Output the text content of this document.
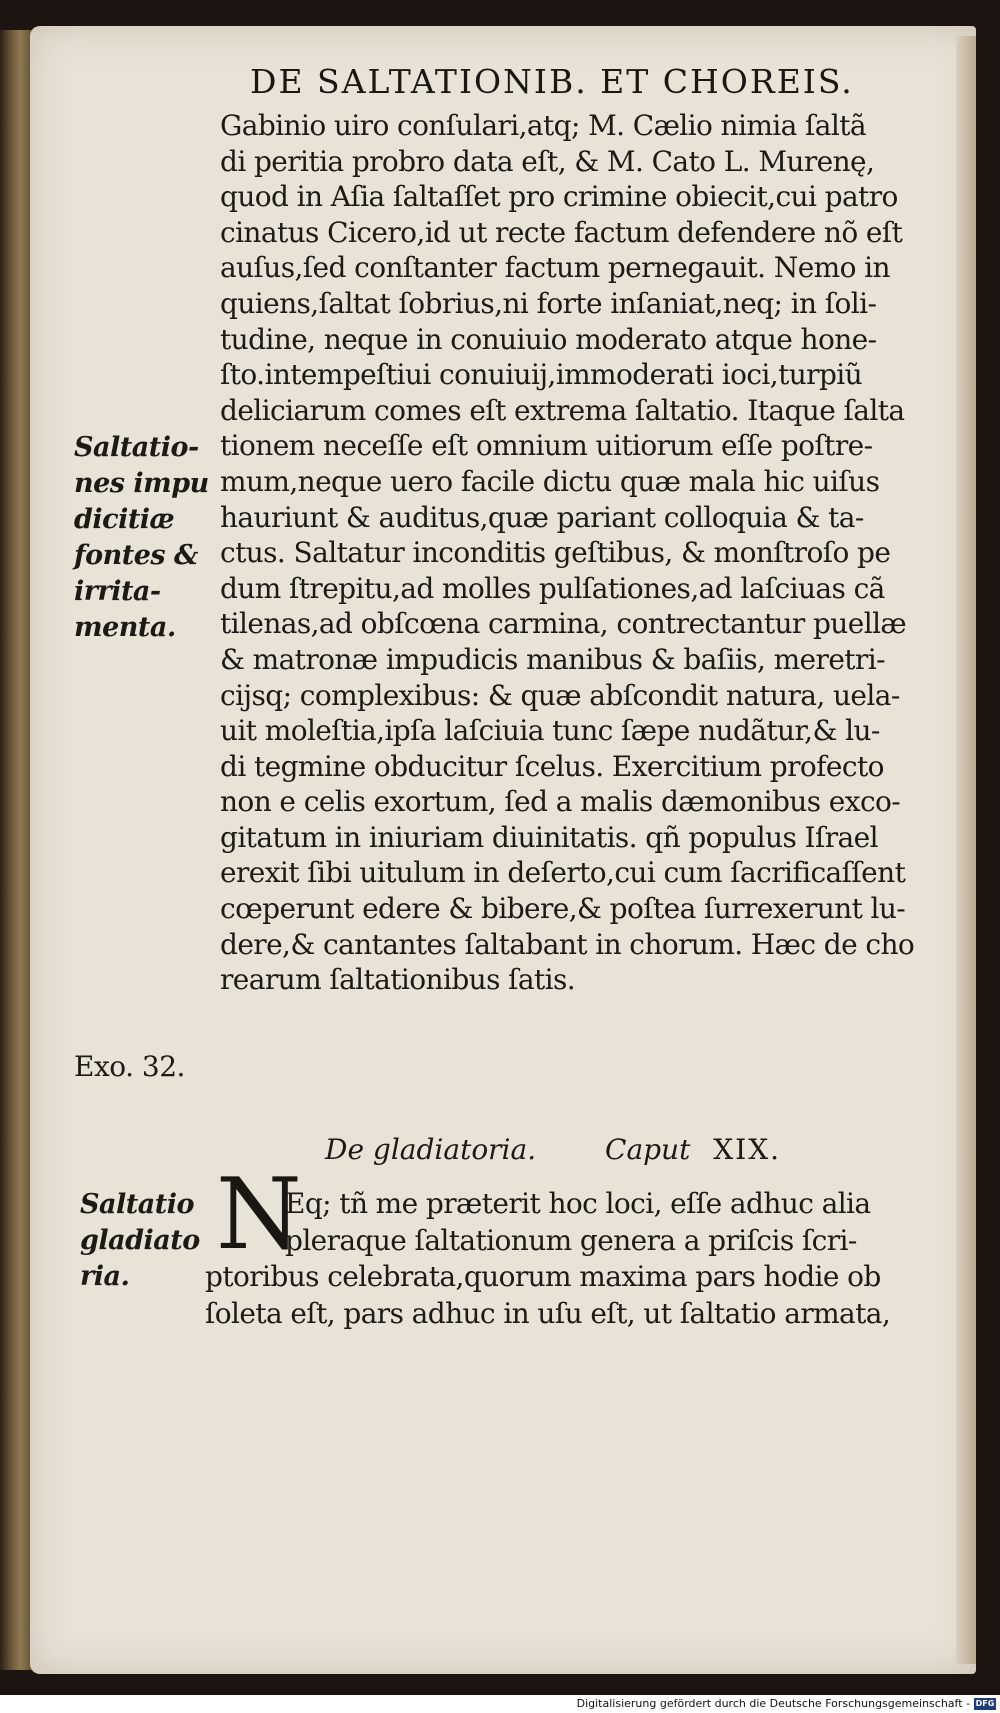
DE SALTATIONIB. ET CHOREIS.
Gabinio uiro conſulari,atq; M. Cælio nimia ſaltã
di peritia probro data eſt, & M. Cato L. Murenę,
quod in Aſia ſaltaſſet pro crimine obiecit,cui patro
cinatus Cicero,id ut recte factum defendere nõ eſt
auſus,ſed conſtanter factum pernegauit. Nemo in
quiens,ſaltat ſobrius,ni forte inſaniat,neq; in ſoli-
tudine, neque in conuiuio moderato atque hone-
ſto.intempeſtiui conuiuij,immoderati ioci,turpiũ
deliciarum comes eſt extrema ſaltatio. Itaque ſalta
tionem neceſſe eſt omnium uitiorum eſſe poſtre-
mum,neque uero facile dictu quæ mala hic uiſus
hauriunt & auditus,quæ pariant colloquia & ta-
ctus. Saltatur inconditis geſtibus, & monſtroſo pe
dum ſtrepitu,ad molles pulſationes,ad laſciuas cã
tilenas,ad obſcœna carmina, contrectantur puellæ
& matronæ impudicis manibus & baſiis, meretri-
cijsq; complexibus: & quæ abſcondit natura, uela-
uit moleſtia,ipſa laſciuia tunc ſæpe nudãtur,& lu-
di tegmine obducitur ſcelus. Exercitium profecto
non e celis exortum, ſed a malis dæmonibus exco-
gitatum in iniuriam diuinitatis. qñ populus Iſrael
erexit ſibi uitulum in deſerto,cui cum ſacrificaſſent
cœperunt edere & bibere,& poſtea ſurrexerunt lu-
dere,& cantantes ſaltabant in chorum. Hæc de cho
rearum ſaltationibus ſatis.
Saltatio-
nes impu
dicitiæ
fontes &
irrita-
menta.
Exo. 32.
De gladiatoria. Caput XIX.
Saltatio
gladiato
ria.
N
Eq; tñ me præterit hoc loci, eſſe adhuc alia
pleraque ſaltationum genera a priſcis ſcri-
ptoribus celebrata,quorum maxima pars hodie ob
ſoleta eſt, pars adhuc in uſu eſt, ut ſaltatio armata,
Digitalisierung gefördert durch die Deutsche Forschungsgemeinschaft - DFG
